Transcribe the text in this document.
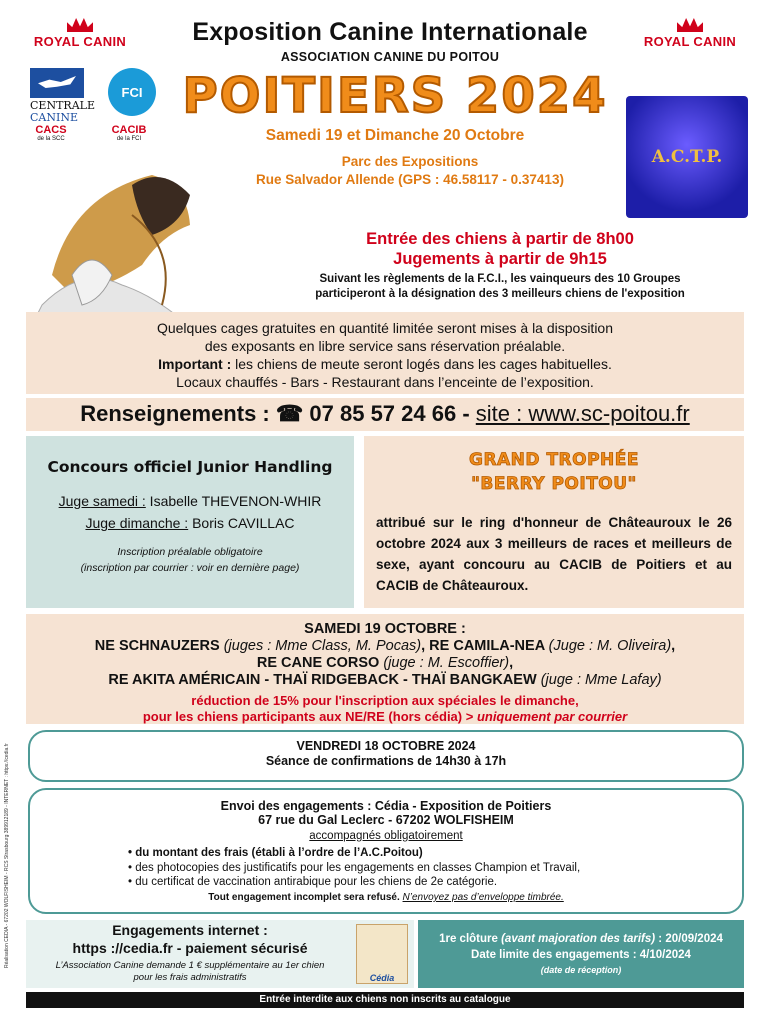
ROYAL CANIN	ROYAL CANIN
Exposition Canine Internationale
ASSOCIATION CANINE DU POITOU
CENTRALE
CANINE
FCI
CACS
de la SCC
CACIB
de la FCI
POITIERS 2024
Samedi 19 et Dimanche 20 Octobre
Parc des Expositions
Rue Salvador Allende (GPS : 46.58117 - 0.37413)
A.C.T.P.
Entrée des chiens à partir de 8h00
Jugements à partir de 9h15
Suivant les règlements de la F.C.I., les vainqueurs des 10 Groupes
participeront à la désignation des 3 meilleurs chiens de l'exposition
Quelques cages gratuites en quantité limitée seront mises à la disposition
des exposants en libre service sans réservation préalable.
Important : les chiens de meute seront logés dans les cages habituelles.
Locaux chauffés - Bars - Restaurant dans l’enceinte de l’exposition.
Renseignements : ☎ 07 85 57 24 66 - site : www.sc-poitou.fr
Concours officiel Junior Handling
Juge samedi : Isabelle THEVENON-WHIR
Juge dimanche : Boris CAVILLAC
Inscription préalable obligatoire
(inscription par courrier : voir en dernière page)
GRAND TROPHÉE
"BERRY POITOU"
attribué sur le ring d'honneur de Châteauroux le 26 octobre 2024 aux 3 meilleurs de races et meilleurs de sexe, ayant concouru au CACIB de Poitiers et au CACIB de Châteauroux.
SAMEDI 19 OCTOBRE :
NE SCHNAUZERS (juges : Mme Class, M. Pocas), RE CAMILA-NEA (Juge : M. Oliveira),
RE CANE CORSO (juge : M. Escoffier),
RE AKITA AMÉRICAIN - THAÏ RIDGEBACK - THAÏ BANGKAEW (juge : Mme Lafay)
réduction de 15% pour l'inscription aux spéciales le dimanche,
pour les chiens participants aux NE/RE (hors cédia) > uniquement par courrier
Réalisation CEDIA - 67202 WOLFISHEIM - RCS Strasbourg 389912189 - INTERNET : https://cedia.fr	VENDREDI 18 OCTOBRE 2024
Séance de confirmations de 14h30 à 17h
Envoi des engagements : Cédia - Exposition de Poitiers
67 rue du Gal Leclerc - 67202 WOLFISHEIM
accompagnés obligatoirement
• du montant des frais (établi à l’ordre de l’A.C.Poitou)
• des photocopies des justificatifs pour les engagements en classes Champion et Travail,
• du certificat de vaccination antirabique pour les chiens de 2e catégorie.
Tout engagement incomplet sera refusé. N’envoyez pas d’enveloppe timbrée.
Engagements internet :
https ://cedia.fr - paiement sécurisé
L’Association Canine demande 1 € supplémentaire au 1er chien
pour les frais administratifs	Cédia
1re clôture (avant majoration des tarifs) : 20/09/2024
Date limite des engagements : 4/10/2024
(date de réception)
Entrée interdite aux chiens non inscrits au catalogue
